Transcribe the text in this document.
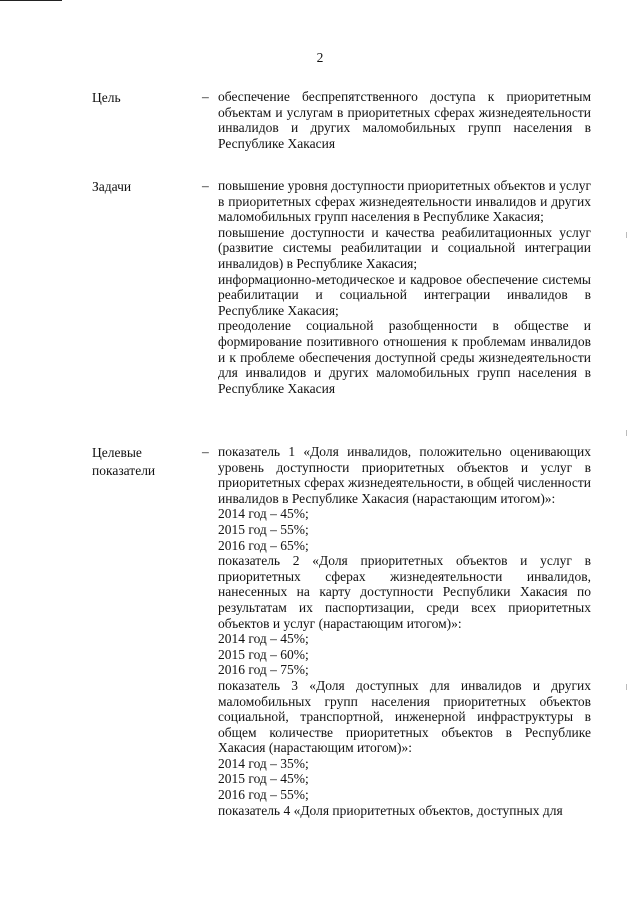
2
Цель	– обеспечение беспрепятственного доступа к приоритетным объектам и услугам в приоритетных сферах жизнедеятельности инвалидов и других маломобильных групп населения в Республике Хакасия

Задачи	– повышение уровня доступности приоритетных объектов и услуг в приоритетных сферах жизнедеятельности инвалидов и других маломобильных групп населения в Республике Хакасия;

повышение доступности и качества реабилитационных услуг (развитие системы реабилитации и социальной интеграции инвалидов) в Республике Хакасия;

информационно-методическое и кадровое обеспечение системы реабилитации и социальной интеграции инвалидов в Республике Хакасия;

преодоление социальной разобщенности в обществе и формирование позитивного отношения к проблемам инвалидов и к проблеме обеспечения доступной среды жизнедеятельности для инвалидов и других маломобильных групп населения в Республике Хакасия

Целевые показатели
– показатель 1 «Доля инвалидов, положительно оценивающих уровень доступности приоритетных объектов и услуг в приоритетных сферах жизнедеятельности, в общей численности инвалидов в Республике Хакасия (нарастающим итогом)»:

2014 год – 45%;

2015 год – 55%;

2016 год – 65%;

показатель 2 «Доля приоритетных объектов и услуг в приоритетных сферах жизнедеятельности инвалидов, нанесенных на карту доступности Республики Хакасия по результатам их паспортизации, среди всех приоритетных объектов и услуг (нарастающим итогом)»:

2014 год – 45%;

2015 год – 60%;

2016 год – 75%;

показатель 3 «Доля доступных для инвалидов и других маломобильных групп населения приоритетных объектов социальной, транспортной, инженерной инфраструктуры в общем количестве приоритетных объектов в Республике Хакасия (нарастающим итогом)»:

2014 год – 35%;

2015 год – 45%;

2016 год – 55%;

показатель 4 «Доля приоритетных объектов, доступных для
